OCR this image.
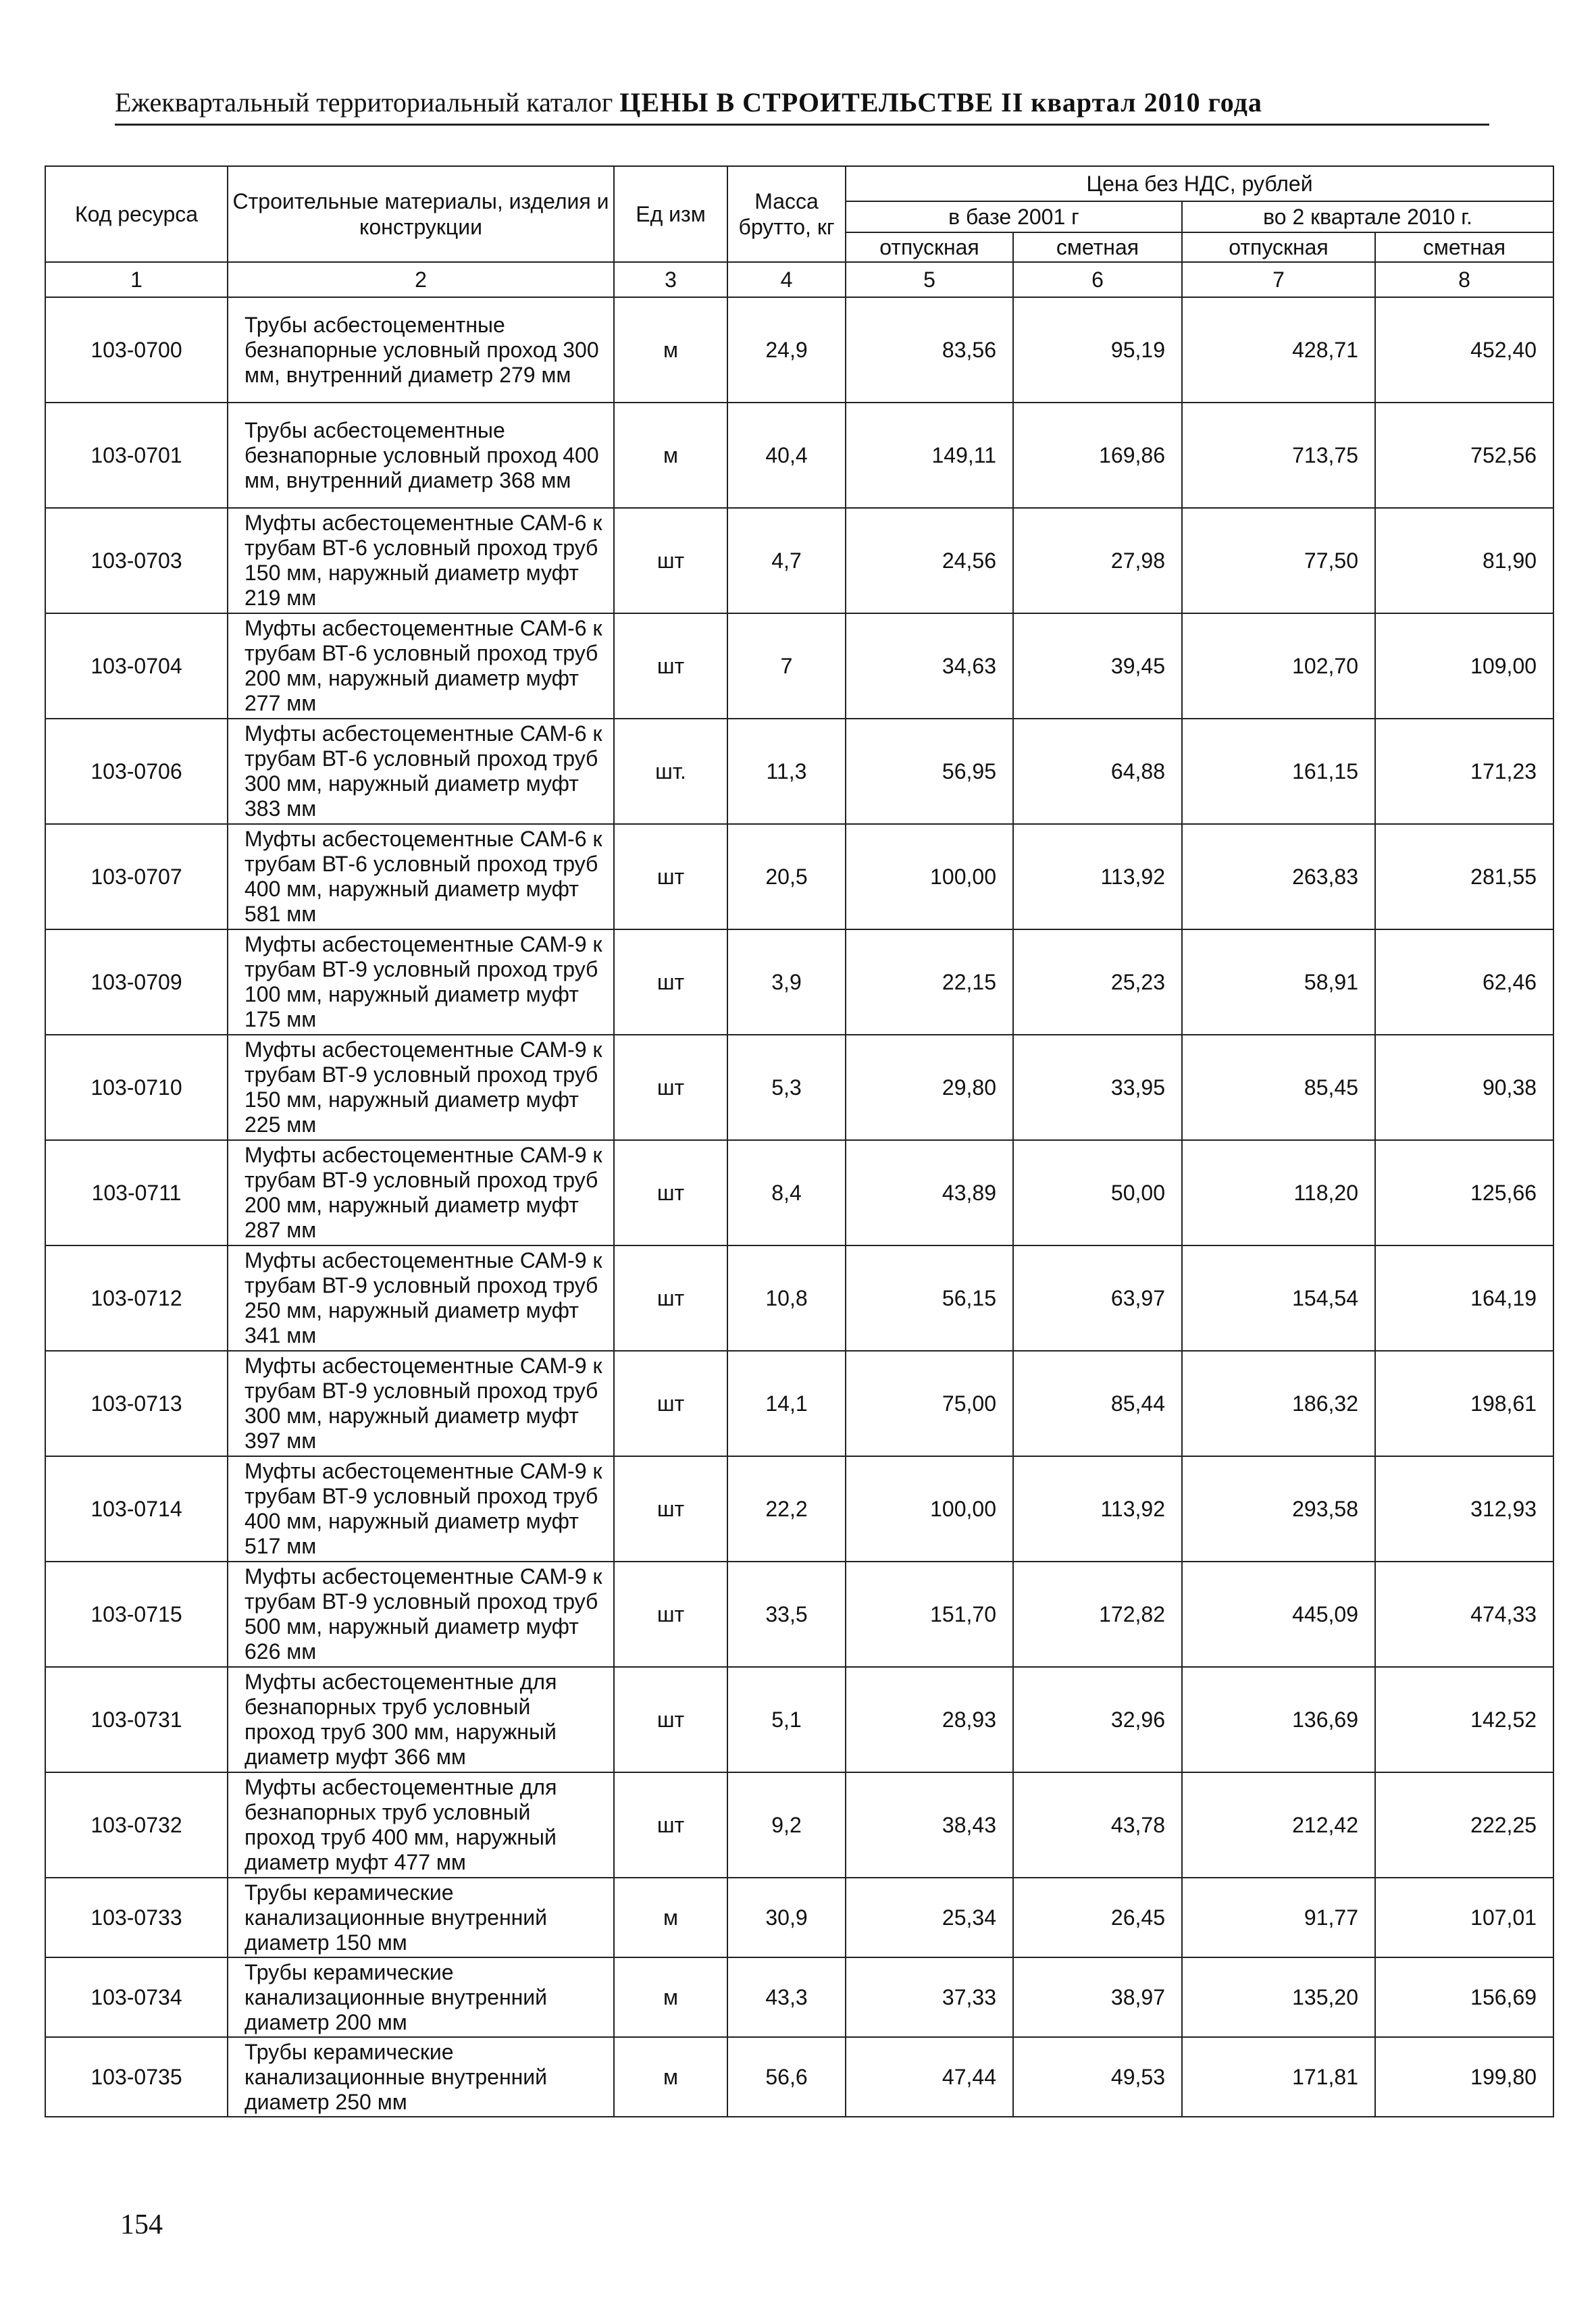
Ежеквартальный территориальный каталог ЦЕНЫ В СТРОИТЕЛЬСТВЕ II квартал 2010 года
Код ресурса	Строительные материалы, изделия и конструкции	Ед изм	Масса брутто, кг	Цена без НДС, рублей			
				в базе 2001 г		во 2 квартале 2010 г.	
				отпускная	сметная	отпускная	сметная
1	2	3	4	5	6	7	8
103-0700	Трубы асбестоцементные безнапорные условный проход 300 мм, внутренний диаметр 279 мм	м	24,9	83,56	95,19	428,71	452,40
103-0701	Трубы асбестоцементные безнапорные условный проход 400 мм, внутренний диаметр 368 мм	м	40,4	149,11	169,86	713,75	752,56
103-0703	Муфты асбестоцементные САМ-6 к трубам ВТ-6 условный проход труб 150 мм, наружный диаметр муфт 219 мм	шт	4,7	24,56	27,98	77,50	81,90
103-0704	Муфты асбестоцементные САМ-6 к трубам ВТ-6 условный проход труб 200 мм, наружный диаметр муфт 277 мм	шт	7	34,63	39,45	102,70	109,00
103-0706	Муфты асбестоцементные САМ-6 к трубам ВТ-6 условный проход труб 300 мм, наружный диаметр муфт 383 мм	шт.	11,3	56,95	64,88	161,15	171,23
103-0707	Муфты асбестоцементные САМ-6 к трубам ВТ-6 условный проход труб 400 мм, наружный диаметр муфт 581 мм	шт	20,5	100,00	113,92	263,83	281,55
103-0709	Муфты асбестоцементные САМ-9 к трубам ВТ-9 условный проход труб 100 мм, наружный диаметр муфт 175 мм	шт	3,9	22,15	25,23	58,91	62,46
103-0710	Муфты асбестоцементные САМ-9 к трубам ВТ-9 условный проход труб 150 мм, наружный диаметр муфт 225 мм	шт	5,3	29,80	33,95	85,45	90,38
103-0711	Муфты асбестоцементные САМ-9 к трубам ВТ-9 условный проход труб 200 мм, наружный диаметр муфт 287 мм	шт	8,4	43,89	50,00	118,20	125,66
103-0712	Муфты асбестоцементные САМ-9 к трубам ВТ-9 условный проход труб 250 мм, наружный диаметр муфт 341 мм	шт	10,8	56,15	63,97	154,54	164,19
103-0713	Муфты асбестоцементные САМ-9 к трубам ВТ-9 условный проход труб 300 мм, наружный диаметр муфт 397 мм	шт	14,1	75,00	85,44	186,32	198,61
103-0714	Муфты асбестоцементные САМ-9 к трубам ВТ-9 условный проход труб 400 мм, наружный диаметр муфт 517 мм	шт	22,2	100,00	113,92	293,58	312,93
103-0715	Муфты асбестоцементные САМ-9 к трубам ВТ-9 условный проход труб 500 мм, наружный диаметр муфт 626 мм	шт	33,5	151,70	172,82	445,09	474,33
103-0731	Муфты асбестоцементные для безнапорных труб условный проход труб 300 мм, наружный диаметр муфт 366 мм	шт	5,1	28,93	32,96	136,69	142,52
103-0732	Муфты асбестоцементные для безнапорных труб условный проход труб 400 мм, наружный диаметр муфт 477 мм	шт	9,2	38,43	43,78	212,42	222,25
103-0733	Трубы керамические канализационные внутренний диаметр 150 мм	м	30,9	25,34	26,45	91,77	107,01
103-0734	Трубы керамические канализационные внутренний диаметр 200 мм	м	43,3	37,33	38,97	135,20	156,69
103-0735	Трубы керамические канализационные внутренний диаметр 250 мм	м	56,6	47,44	49,53	171,81	199,80
154
